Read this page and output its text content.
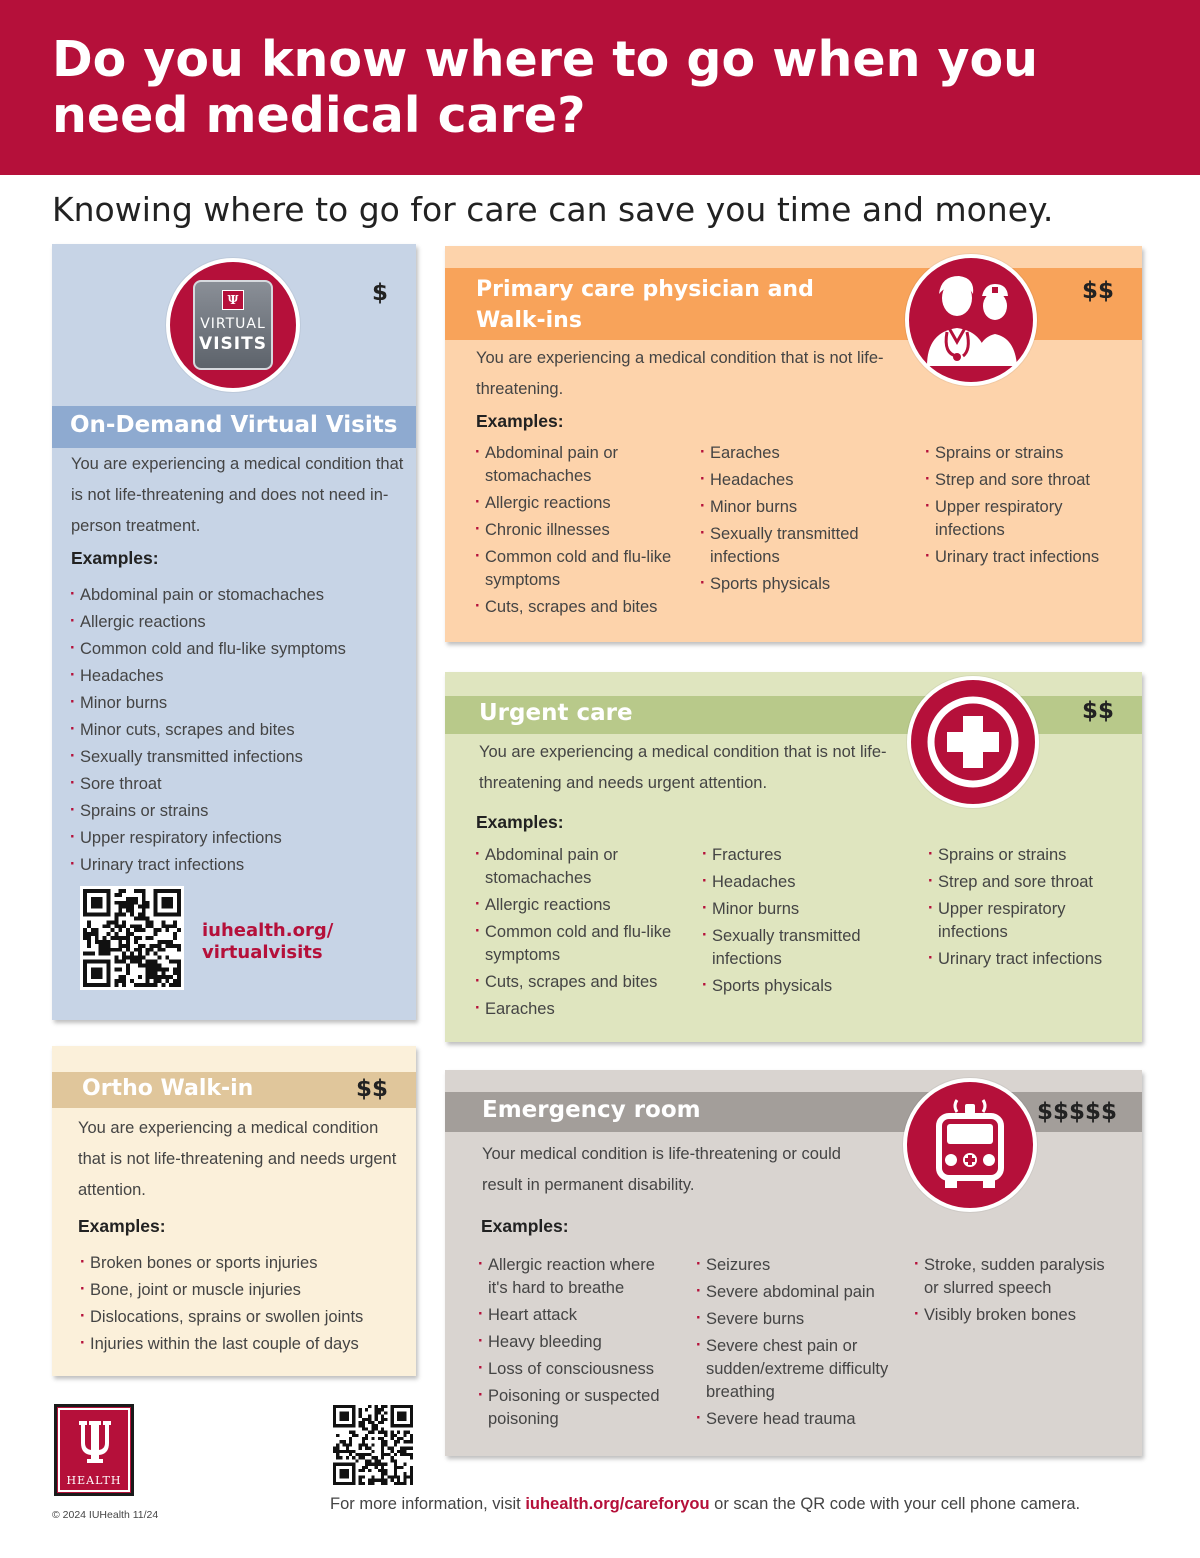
Do you know where to go when you need medical care?
Knowing where to go for care can save you time and money.
Ψ
VIRTUAL
VISITS
$
On-Demand Virtual Visits
You are experiencing a medical condition that is not life-threatening and does not need in-person treatment.
Examples:
· Abdominal pain or stomachaches
· Allergic reactions
· Common cold and flu-like symptoms
· Headaches
· Minor burns
· Minor cuts, scrapes and bites
· Sexually transmitted infections
· Sore throat
· Sprains or strains
· Upper respiratory infections
· Urinary tract infections
iuhealth.org/
virtualvisits
Ortho Walk-in	$$
You are experiencing a medical condition that is not life-threatening and needs urgent attention.
Examples:
· Broken bones or sports injuries
· Bone, joint or muscle injuries
· Dislocations, sprains or swollen joints
· Injuries within the last couple of days
Primary care physician and Walk-ins
$$
You are experiencing a medical condition that is not life-threatening.
Examples:
· Abdominal pain or stomachaches
· Allergic reactions
· Chronic illnesses
· Common cold and flu-like symptoms
· Cuts, scrapes and bites
· Earaches
· Headaches
· Minor burns
· Sexually transmitted infections
· Sports physicals
· Sprains or strains
· Strep and sore throat
· Upper respiratory infections
· Urinary tract infections
Urgent care	$$
You are experiencing a medical condition that is not life-threatening and needs urgent attention.
Examples:
· Abdominal pain or stomachaches
· Allergic reactions
· Common cold and flu-like symptoms
· Cuts, scrapes and bites
· Earaches
· Fractures
· Headaches
· Minor burns
· Sexually transmitted infections
· Sports physicals
· Sprains or strains
· Strep and sore throat
· Upper respiratory infections
· Urinary tract infections
Emergency room	$$$$$
Your medical condition is life-threatening or could result in permanent disability.
Examples:
· Allergic reaction where it's hard to breathe
· Heart attack
· Heavy bleeding
· Loss of consciousness
· Poisoning or suspected poisoning
· Seizures
· Severe abdominal pain
· Severe burns
· Severe chest pain or sudden/extreme difficulty breathing
· Severe head trauma
· Stroke, sudden paralysis or slurred speech
· Visibly broken bones
HEALTH
© 2024 IUHealth 11/24
For more information, visit iuhealth.org/careforyou or scan the QR code with your cell phone camera.
